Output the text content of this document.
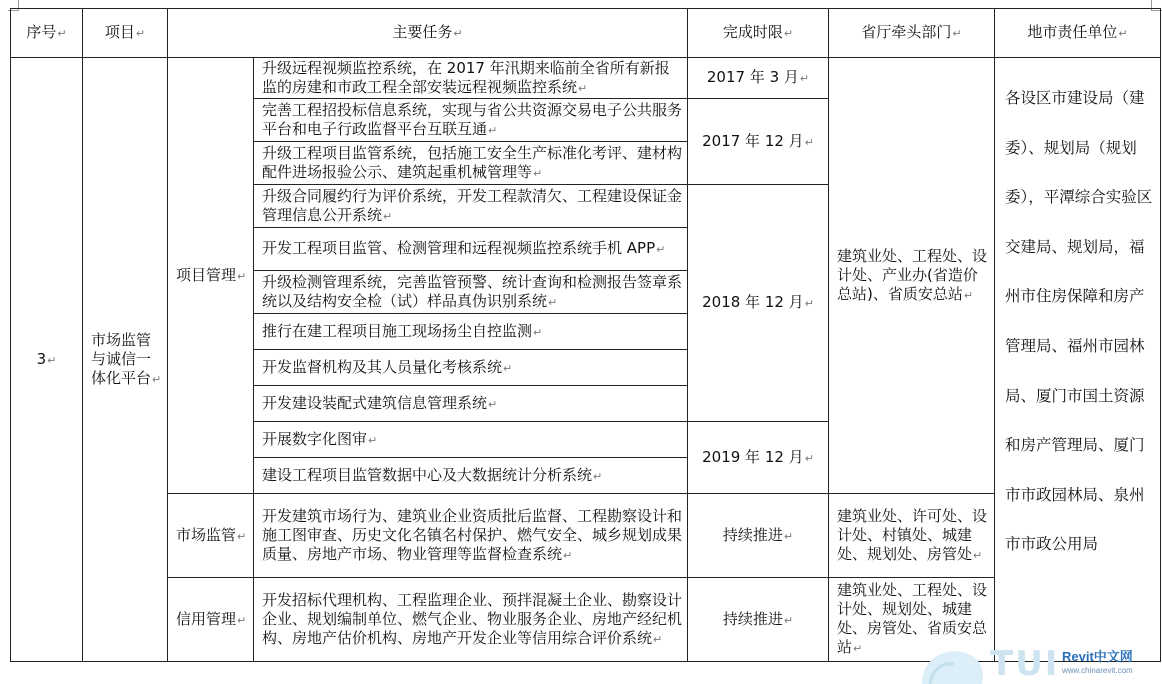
序号↵	项目↵	主要任务↵		完成时限↵	省厅牵头部门↵	地市责任单位↵
3↵	市场监管与诚信一体化平台↵	项目管理↵	升级远程视频监控系统，在 2017 年汛期来临前全省所有新报监的房建和市政工程全部安装远程视频监控系统↵	2017 年 3 月↵	建筑业处、工程处、设计处、产业办(省造价总站)、省质安总站↵	各设区市建设局（建委）、规划局（规划委），平潭综合实验区交建局、规划局，福州市住房保障和房产管理局、福州市园林局、厦门市国土资源和房产管理局、厦门市市政园林局、泉州市市政公用局
			完善工程招投标信息系统，实现与省公共资源交易电子公共服务平台和电子行政监督平台互联互通↵	2017 年 12 月↵		
			升级工程项目监管系统，包括施工安全生产标准化考评、建材构配件进场报验公示、建筑起重机械管理等↵			
			升级合同履约行为评价系统，开发工程款清欠、工程建设保证金管理信息公开系统↵	2018 年 12 月↵		
			开发工程项目监管、检测管理和远程视频监控系统手机 APP↵			
			升级检测管理系统，完善监管预警、统计查询和检测报告签章系统以及结构安全检（试）样品真伪识别系统↵			
			推行在建工程项目施工现场扬尘自控监测↵			
			开发监督机构及其人员量化考核系统↵			
			开发建设装配式建筑信息管理系统↵			
			开展数字化图审↵	2019 年 12 月↵		
			建设工程项目监管数据中心及大数据统计分析系统↵			
		市场监管↵	开发建筑市场行为、建筑业企业资质批后监督、工程勘察设计和施工图审查、历史文化名镇名村保护、燃气安全、城乡规划成果质量、房地产市场、物业管理等监督检查系统↵	持续推进↵	建筑业处、许可处、设计处、村镇处、城建处、规划处、房管处↵	
		信用管理↵	开发招标代理机构、工程监理企业、预拌混凝土企业、勘察设计企业、规划编制单位、燃气企业、物业服务企业、房地产经纪机构、房地产估价机构、房地产开发企业等信用综合评价系统↵	持续推进↵	建筑业处、工程处、设计处、规划处、城建处、房管处、省质安总站↵		TUI Revit中文网
www.chinarevit.com
